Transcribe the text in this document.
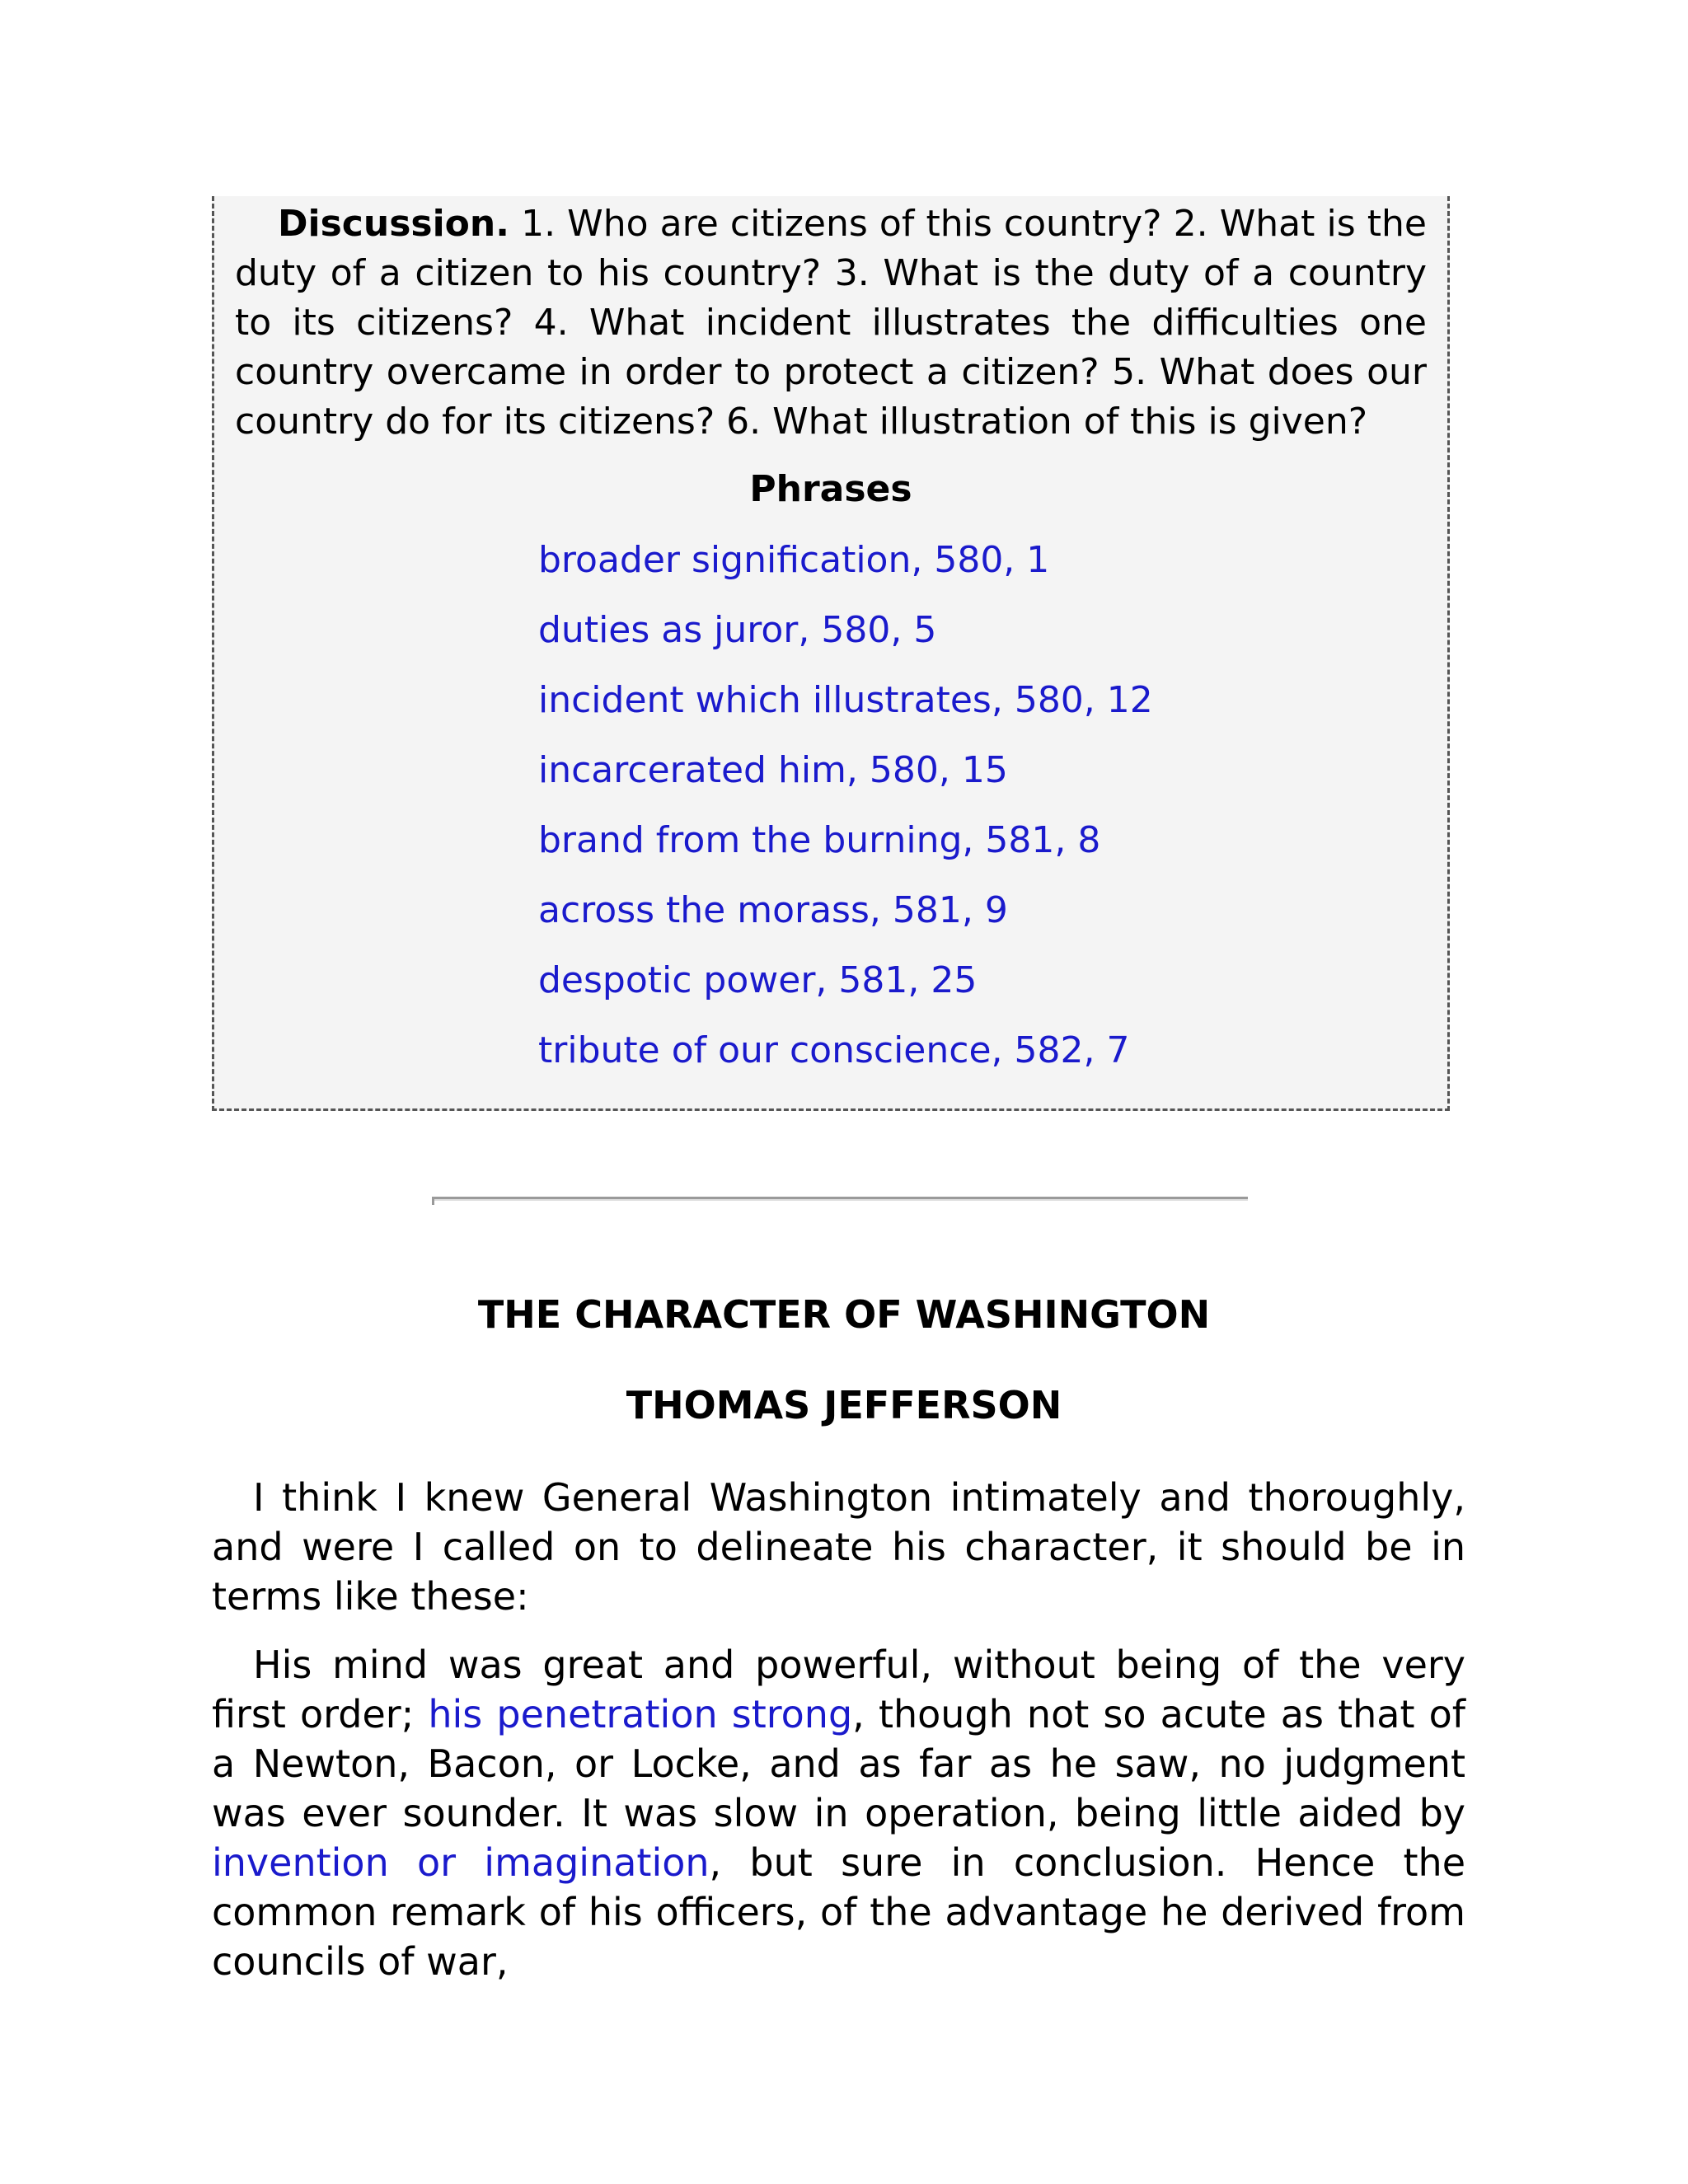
Discussion. 1. Who are citizens of this country? 2. What is the duty of a citizen to his country? 3. What is the duty of a country to its citizens? 4. What incident illustrates the difficulties one country overcame in order to protect a citizen? 5. What does our country do for its citizens? 6. What illustration of this is given?

Phrases
broader signification, 580, 1
duties as juror, 580, 5
incident which illustrates, 580, 12
incarcerated him, 580, 15
brand from the burning, 581, 8
across the morass, 581, 9
despotic power, 581, 25
tribute of our conscience, 582, 7
THE CHARACTER OF WASHINGTON
THOMAS JEFFERSON

I think I knew General Washington intimately and thoroughly, and were I called on to delineate his character, it should be in terms like these:

His mind was great and powerful, without being of the very first order; his penetration strong, though not so acute as that of a Newton, Bacon, or Locke, and as far as he saw, no judgment was ever sounder. It was slow in operation, being little aided by invention or imagination, but sure in conclusion. Hence the common remark of his officers, of the advantage he derived from councils of war,
